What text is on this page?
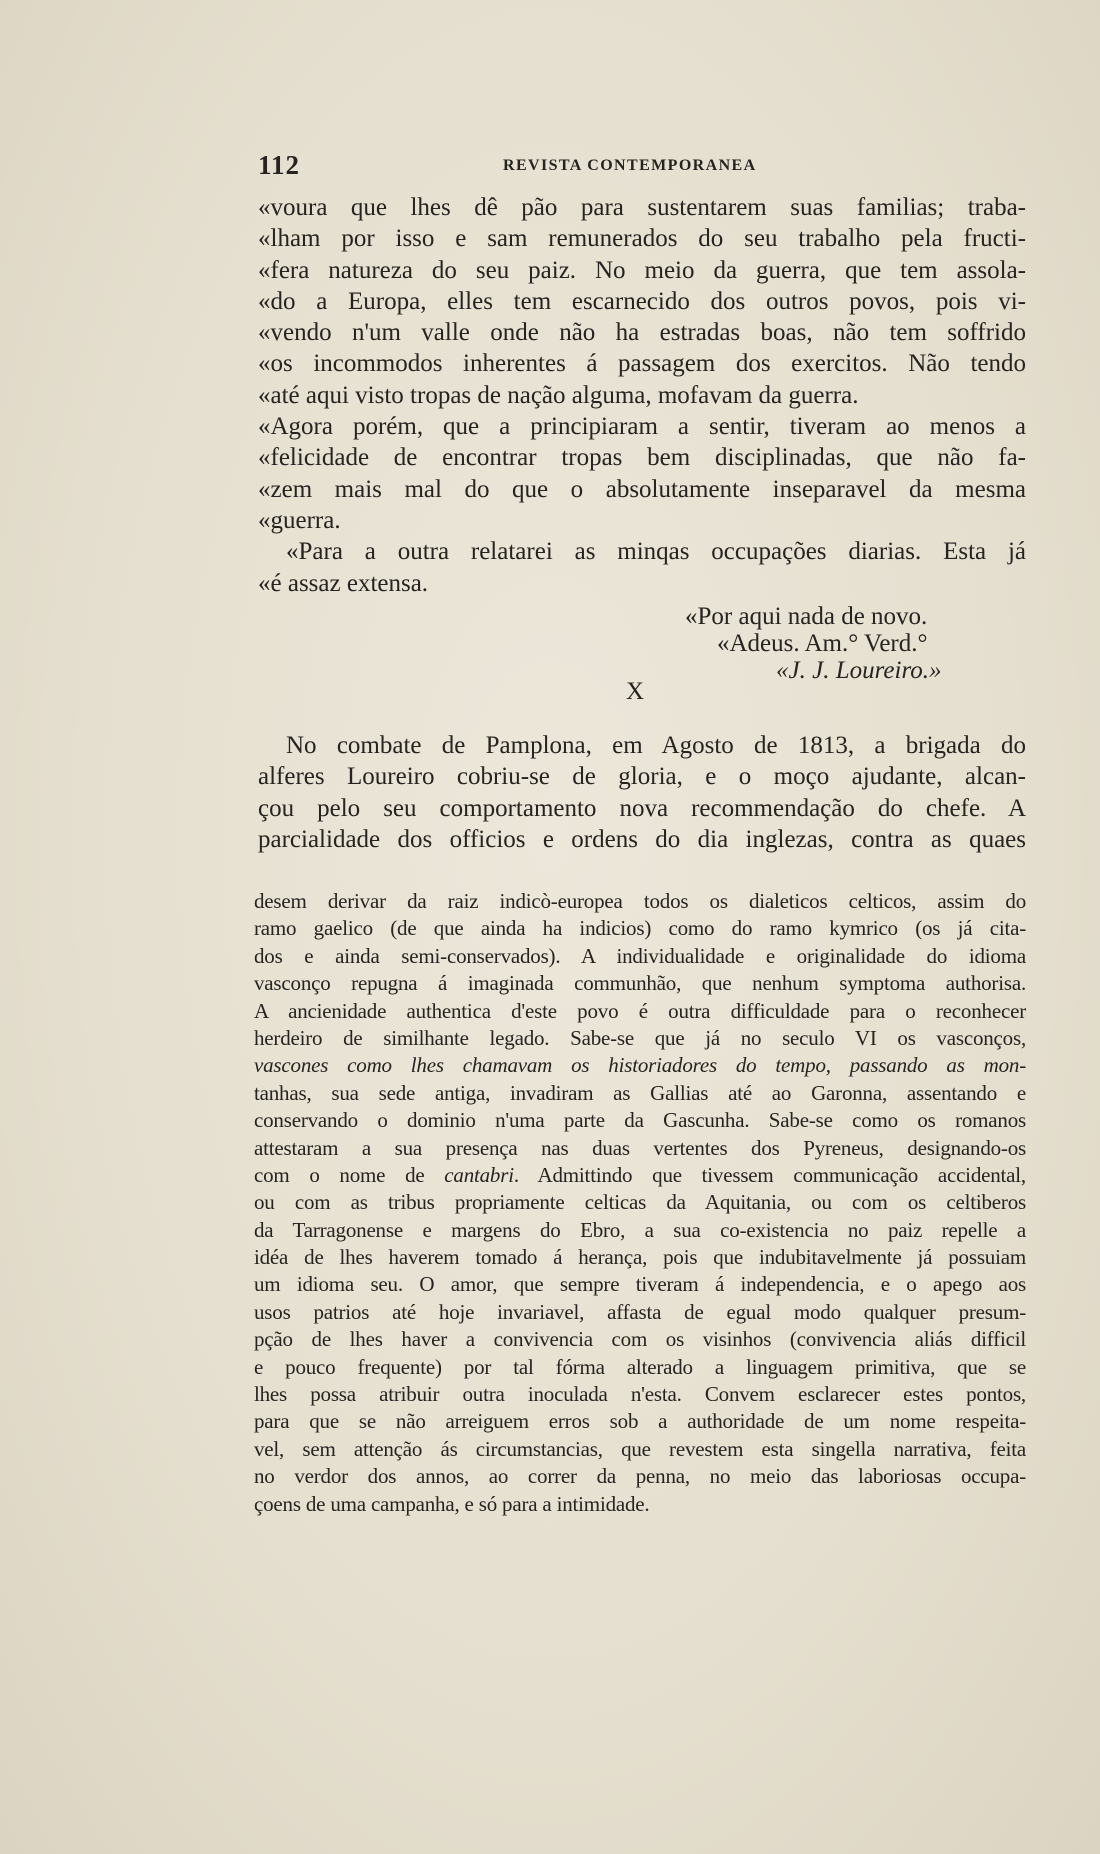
112	REVISTA CONTEMPORANEA
«voura que lhes dê pão para sustentarem suas familias; traba-
«lham por isso e sam remunerados do seu trabalho pela fructi-
«fera natureza do seu paiz. No meio da guerra, que tem assola-
«do a Europa, elles tem escarnecido dos outros povos, pois vi-
«vendo n'um valle onde não ha estradas boas, não tem soffrido
«os incommodos inherentes á passagem dos exercitos. Não tendo
«até aqui visto tropas de nação alguma, mofavam da guerra.
«Agora porém, que a principiaram a sentir, tiveram ao menos a
«felicidade de encontrar tropas bem disciplinadas, que não fa-
«zem mais mal do que o absolutamente inseparavel da mesma
«guerra.
«Para a outra relatarei as minqas occupações diarias. Esta já
«é assaz extensa.
«Por aqui nada de novo.
«Adeus. Am.° Verd.°
«J. J. Loureiro.»
X
No combate de Pamplona, em Agosto de 1813, a brigada do
alferes Loureiro cobriu-se de gloria, e o moço ajudante, alcan-
çou pelo seu comportamento nova recommendação do chefe. A
parcialidade dos officios e ordens do dia inglezas, contra as quaes
desem derivar da raiz indicò-europea todos os dialeticos celticos, assim do
ramo gaelico (de que ainda ha indicios) como do ramo kymrico (os já cita-
dos e ainda semi-conservados). A individualidade e originalidade do idioma
vasconço repugna á imaginada communhão, que nenhum symptoma authorisa.
A ancienidade authentica d'este povo é outra difficuldade para o reconhecer
herdeiro de similhante legado. Sabe-se que já no seculo VI os vasconços,
vascones como lhes chamavam os historiadores do tempo, passando as mon-
tanhas, sua sede antiga, invadiram as Gallias até ao Garonna, assentando e
conservando o dominio n'uma parte da Gascunha. Sabe-se como os romanos
attestaram a sua presença nas duas vertentes dos Pyreneus, designando-os
com o nome de cantabri. Admittindo que tivessem communicação accidental,
ou com as tribus propriamente celticas da Aquitania, ou com os celtiberos
da Tarragonense e margens do Ebro, a sua co-existencia no paiz repelle a
idéa de lhes haverem tomado á herança, pois que indubitavelmente já possuiam
um idioma seu. O amor, que sempre tiveram á independencia, e o apego aos
usos patrios até hoje invariavel, affasta de egual modo qualquer presum-
pção de lhes haver a convivencia com os visinhos (convivencia aliás difficil
e pouco frequente) por tal fórma alterado a linguagem primitiva, que se
lhes possa atribuir outra inoculada n'esta. Convem esclarecer estes pontos,
para que se não arreiguem erros sob a authoridade de um nome respeita-
vel, sem attenção ás circumstancias, que revestem esta singella narrativa, feita
no verdor dos annos, ao correr da penna, no meio das laboriosas occupa-
çoens de uma campanha, e só para a intimidade.
